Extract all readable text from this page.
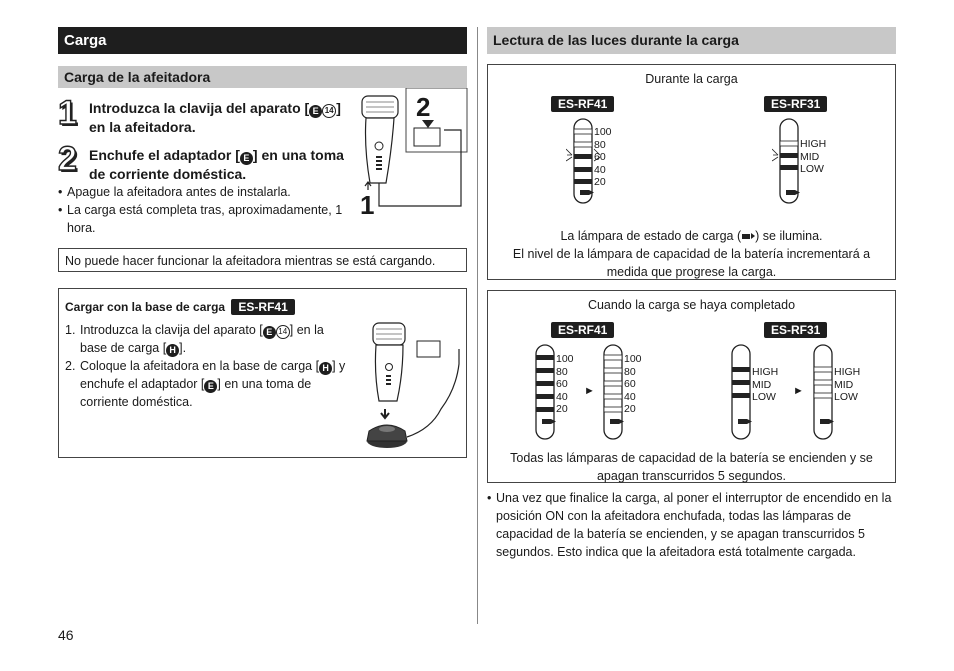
Carga
Carga de la afeitadora
1 Introduzca la clavija del aparato [ E 14 ] en la afeitadora.
2 Enchufe el adaptador [ E ] en una toma de corriente doméstica.
• Apague la afeitadora antes de instalarla.
• La carga está completa tras, aproximadamente, 1 hora.
2
1
No puede hacer funcionar la afeitadora mientras se está cargando.
Cargar con la base de carga ES-RF41
1. Introduzca la clavija del aparato [ E 14 ] en la base de carga [ H ].
2. Coloque la afeitadora en la base de carga [ H ] y enchufe el adaptador [ E ] en una toma de corriente doméstica.
Lectura de las luces durante la carga
Durante la carga
ES-RF41	ES-RF31
100
80
60
40
20
HIGH
MID
LOW
La lámpara de estado de carga ( ) se ilumina.
El nivel de la lámpara de capacidad de la batería incrementará a medida que progrese la carga.
Cuando la carga se haya completado
ES-RF41	ES-RF31
100
80
60
40
20
►
100
80
60
40
20
HIGH
MID
LOW ►
HIGH
MID
LOW
Todas las lámparas de capacidad de la batería se encienden y se apagan transcurridos 5 segundos.
• Una vez que finalice la carga, al poner el interruptor de encendido en la posición ON con la afeitadora enchufada, todas las lámparas de capacidad de la batería se encienden, y se apagan transcurridos 5 segundos. Esto indica que la afeitadora está totalmente cargada.
46
